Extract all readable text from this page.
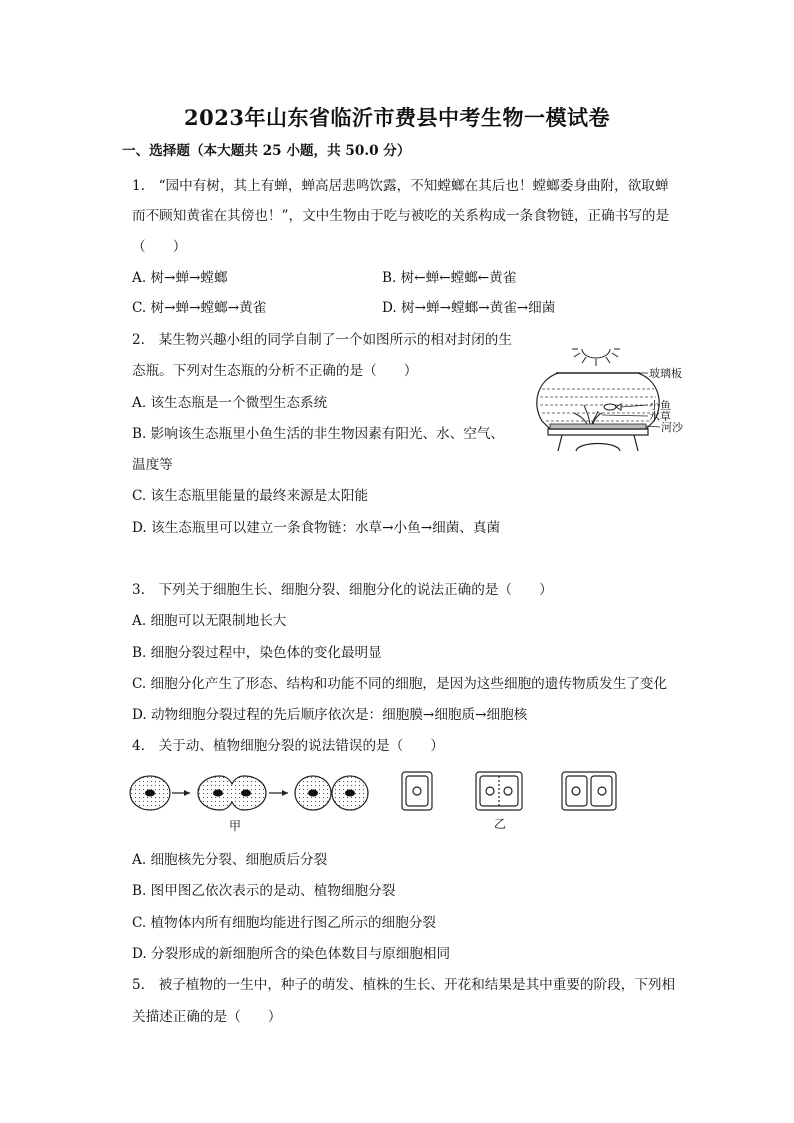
2023年山东省临沂市费县中考生物一模试卷
一、选择题（本大题共 25 小题，共 50.0 分）
1.　“园中有树，其上有蝉，蝉高居悲鸣饮露，不知螳螂在其后也！螳螂委身曲附，欲取蝉
而不顾知黄雀在其傍也！”，文中生物由于吃与被吃的关系构成一条食物链，正确书写的是
（　　）
A. 树→蝉→螳螂	B. 树←蝉←螳螂←黄雀
C. 树→蝉→螳螂→黄雀	D. 树→蝉→螳螂→黄雀→细菌
2.　某生物兴趣小组的同学自制了一个如图所示的相对封闭的生
态瓶。下列对生态瓶的分析不正确的是（　　）
A. 该生态瓶是一个微型生态系统
B. 影响该生态瓶里小鱼生活的非生物因素有阳光、水、空气、
温度等
C. 该生态瓶里能量的最终来源是太阳能
D. 该生态瓶里可以建立一条食物链：水草→小鱼→细菌、真菌
玻璃板
小鱼
水草
河沙
3.　下列关于细胞生长、细胞分裂、细胞分化的说法正确的是（　　）
A. 细胞可以无限制地长大
B. 细胞分裂过程中，染色体的变化最明显
C. 细胞分化产生了形态、结构和功能不同的细胞，是因为这些细胞的遗传物质发生了变化
D. 动物细胞分裂过程的先后顺序依次是：细胞膜→细胞质→细胞核
4.　关于动、植物细胞分裂的说法错误的是（　　）
甲	乙
A. 细胞核先分裂、细胞质后分裂
B. 图甲图乙依次表示的是动、植物细胞分裂
C. 植物体内所有细胞均能进行图乙所示的细胞分裂
D. 分裂形成的新细胞所含的染色体数目与原细胞相同
5.　被子植物的一生中，种子的萌发、植株的生长、开花和结果是其中重要的阶段，下列相
关描述正确的是（　　）
